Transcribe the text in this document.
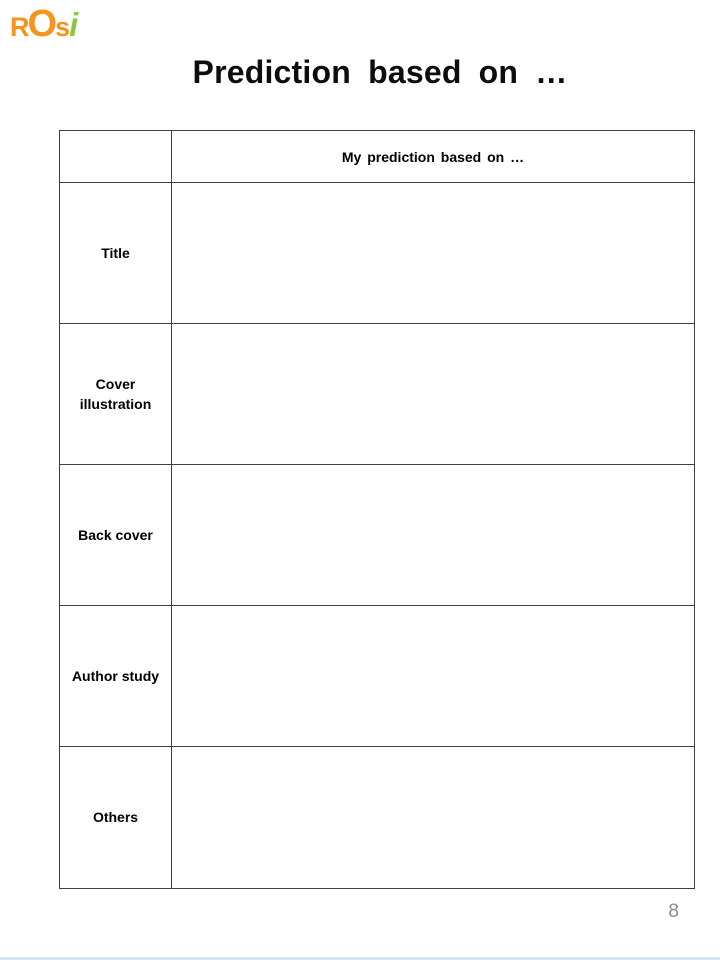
ROsi
Prediction based on …
My prediction based on …
Title
Cover illustration
Back cover
Author study
Others
8
